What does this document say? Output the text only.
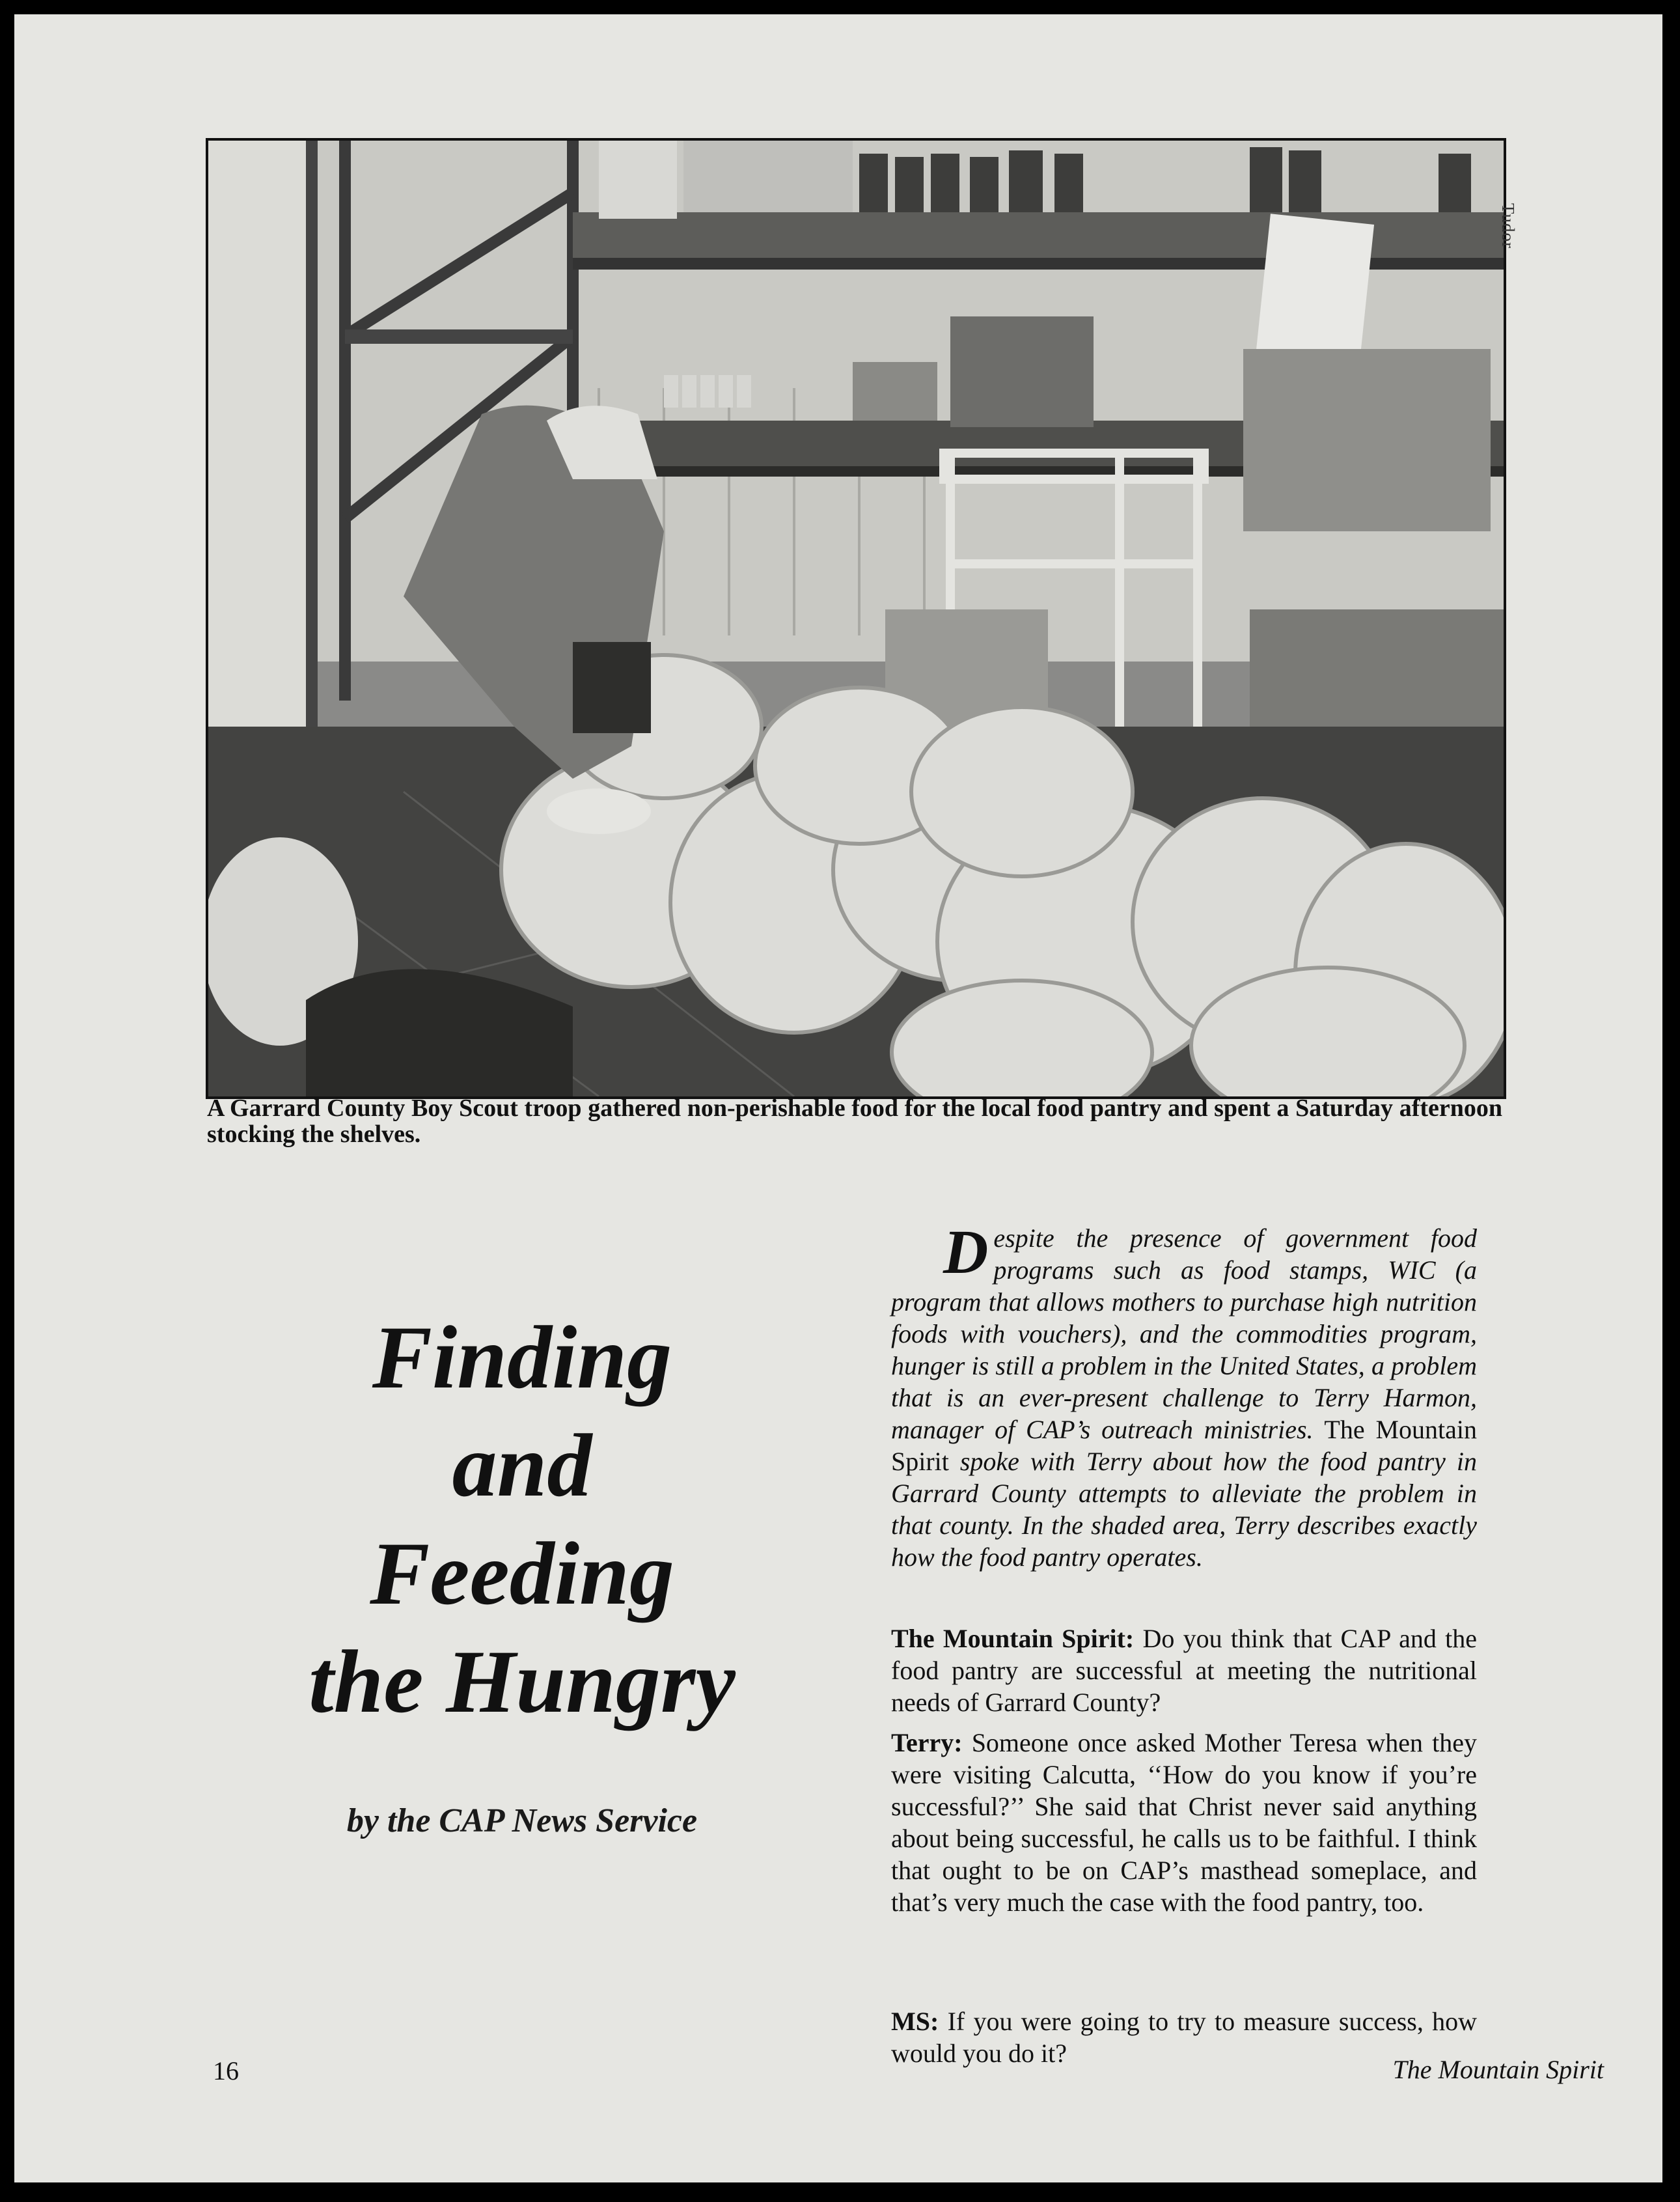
Tudor
A Garrard County Boy Scout troop gathered non-perishable food for the local food pantry and spent a Saturday afternoon stocking the shelves.
Finding
and
Feeding
the Hungry
by the CAP News Service
Despite the presence of government food programs such as food stamps, WIC (a program that allows mothers to purchase high nutrition foods with vouchers), and the commodities program, hunger is still a problem in the United States, a problem that is an ever-present challenge to Terry Harmon, manager of CAP’s outreach ministries. The Mountain Spirit spoke with Terry about how the food pantry in Garrard County attempts to alleviate the problem in that county. In the shaded area, Terry describes exactly how the food pantry operates.
The Mountain Spirit: Do you think that CAP and the food pantry are successful at meeting the nutritional needs of Garrard County?
Terry: Someone once asked Mother Teresa when they were visiting Calcutta, ‘‘How do you know if you’re successful?’’ She said that Christ never said anything about being successful, he calls us to be faithful. I think that ought to be on CAP’s masthead someplace, and that’s very much the case with the food pantry, too.
MS: If you were going to try to measure success, how would you do it?
16	The Mountain Spirit
